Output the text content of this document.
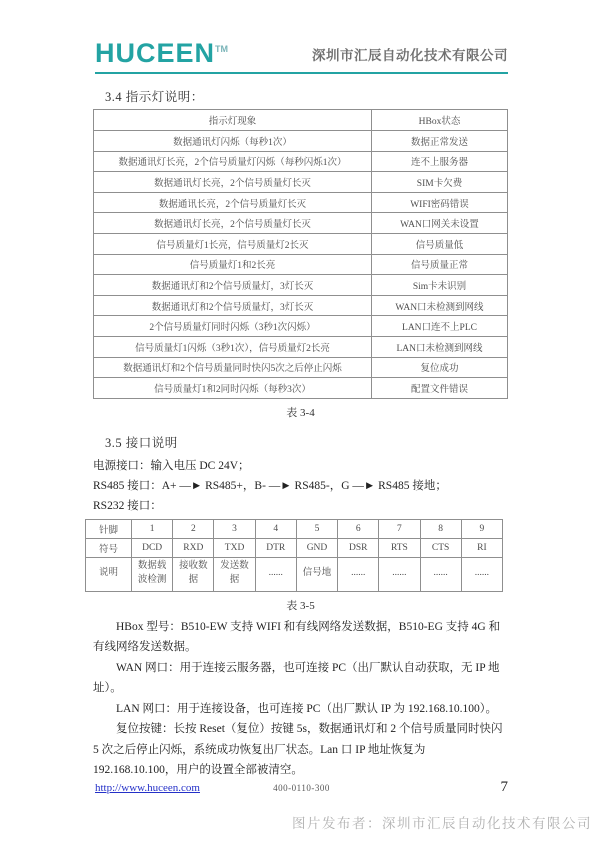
HUCEEN™	深圳市汇辰自动化技术有限公司
3.4 指示灯说明：
指示灯现象	HBox状态
数据通讯灯闪烁（每秒1次）	数据正常发送
数据通讯灯长亮，2个信号质量灯闪烁（每秒闪烁1次）	连不上服务器
数据通讯灯长亮，2个信号质量灯长灭	SIM卡欠费
数据通讯长亮，2个信号质量灯长灭	WIFI密码错误
数据通讯灯长亮，2个信号质量灯长灭	WAN口网关未设置
信号质量灯1长亮，信号质量灯2长灭	信号质量低
信号质量灯1和2长亮	信号质量正常
数据通讯灯和2个信号质量灯，3灯长灭	Sim卡未识别
数据通讯灯和2个信号质量灯，3灯长灭	WAN口未检测到网线
2个信号质量灯同时闪烁（3秒1次闪烁）	LAN口连不上PLC
信号质量灯1闪烁（3秒1次），信号质量灯2长亮	LAN口未检测到网线
数据通讯灯和2个信号质量同时快闪5次之后停止闪烁	复位成功
信号质量灯1和2同时闪烁（每秒3次）	配置文件错误
表 3-4
3.5 接口说明
电源接口：输入电压 DC 24V；
RS485 接口：A+ —► RS485+，B- —► RS485-，G —► RS485 接地；
RS232 接口：
针脚	1	2	3	4	5	6	7	8	9
符号	DCD	RXD	TXD	DTR	GND	DSR	RTS	CTS	RI
说明	数据载波检测	接收数据	发送数据	......	信号地	......	......	......	......
表 3-5

HBox 型号：B510-EW 支持 WIFI 和有线网络发送数据，B510-EG 支持 4G 和有线网络发送数据。

WAN 网口：用于连接云服务器，也可连接 PC（出厂默认自动获取，无 IP 地址）。

LAN 网口：用于连接设备，也可连接 PC（出厂默认 IP 为 192.168.10.100）。

复位按键：长按 Reset（复位）按键 5s，数据通讯灯和 2 个信号质量同时快闪 5 次之后停止闪烁，系统成功恢复出厂状态。Lan 口 IP 地址恢复为 192.168.10.100，用户的设置全部被清空。

http://www.huceen.com	400-0110-300	7
图片发布者：深圳市汇辰自动化技术有限公司
